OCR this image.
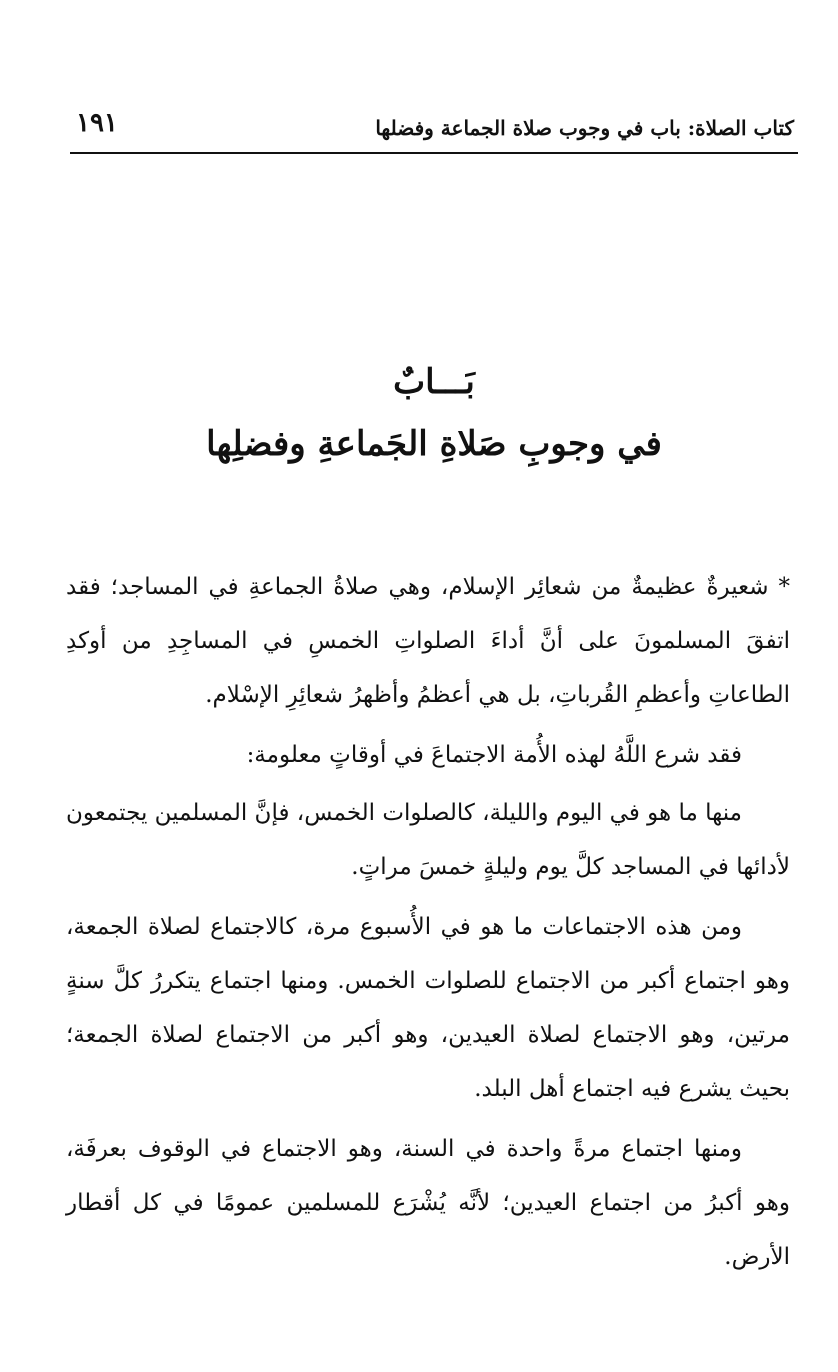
١٩١	كتاب الصلاة: باب في وجوب صلاة الجماعة وفضلها
بَـــابٌ
في وجوبِ صَلاةِ الجَماعةِ وفضلِها

* شعيرةٌ عظيمةٌ من شعائِر الإسلام، وهي صلاةُ الجماعةِ في المساجد؛ فقد اتفقَ المسلمونَ على أنَّ أداءَ الصلواتِ الخمسِ في المساجِدِ من أوكدِ الطاعاتِ وأعظمِ القُرباتِ، بل هي أعظمُ وأظهرُ شعائِرِ الإسْلام.

فقد شرع اللَّهُ لهذه الأُمة الاجتماعَ في أوقاتٍ معلومة:

منها ما هو في اليوم والليلة، كالصلوات الخمس، فإنَّ المسلمين يجتمعون لأدائها في المساجد كلَّ يوم وليلةٍ خمسَ مراتٍ.

ومن هذه الاجتماعات ما هو في الأُسبوع مرة، كالاجتماع لصلاة الجمعة، وهو اجتماع أكبر من الاجتماع للصلوات الخمس. ومنها اجتماع يتكررُ كلَّ سنةٍ مرتين، وهو الاجتماع لصلاة العيدين، وهو أكبر من الاجتماع لصلاة الجمعة؛ بحيث يشرع فيه اجتماع أهل البلد.

ومنها اجتماع مرةً واحدة في السنة، وهو الاجتماع في الوقوف بعرفَة، وهو أكبرُ من اجتماع العيدين؛ لأنَّه يُشْرَع للمسلمين عمومًا في كل أقطار الأرض.
